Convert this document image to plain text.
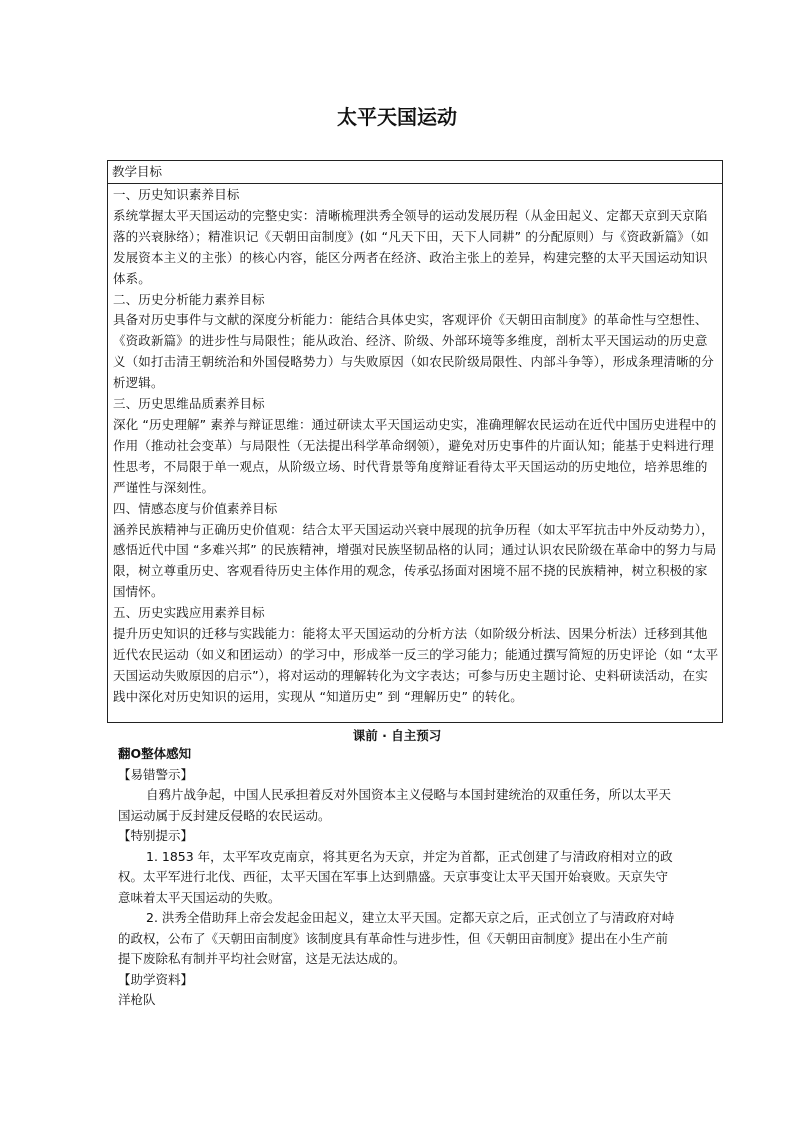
太平天国运动
教学目标

一、历史知识素养目标

系统掌握太平天国运动的完整史实：清晰梳理洪秀全领导的运动发展历程（从金田起义、定都天京到天京陷落的兴衰脉络）；精准识记《天朝田亩制度》(如 “凡天下田，天下人同耕” 的分配原则）与《资政新篇》（如发展资本主义的主张）的核心内容，能区分两者在经济、政治主张上的差异，构建完整的太平天国运动知识体系。

二、历史分析能力素养目标

具备对历史事件与文献的深度分析能力：能结合具体史实，客观评价《天朝田亩制度》的革命性与空想性、《资政新篇》的进步性与局限性；能从政治、经济、阶级、外部环境等多维度，剖析太平天国运动的历史意义（如打击清王朝统治和外国侵略势力）与失败原因（如农民阶级局限性、内部斗争等），形成条理清晰的分析逻辑。

三、历史思维品质素养目标

深化 “历史理解” 素养与辩证思维：通过研读太平天国运动史实，准确理解农民运动在近代中国历史进程中的作用（推动社会变革）与局限性（无法提出科学革命纲领），避免对历史事件的片面认知；能基于史料进行理性思考，不局限于单一观点，从阶级立场、时代背景等角度辩证看待太平天国运动的历史地位，培养思维的严谨性与深刻性。

四、情感态度与价值素养目标

涵养民族精神与正确历史价值观：结合太平天国运动兴衰中展现的抗争历程（如太平军抗击中外反动势力），感悟近代中国 “多难兴邦” 的民族精神，增强对民族坚韧品格的认同；通过认识农民阶级在革命中的努力与局限，树立尊重历史、客观看待历史主体作用的观念，传承弘扬面对困境不屈不挠的民族精神，树立积极的家国情怀。

五、历史实践应用素养目标

提升历史知识的迁移与实践能力：能将太平天国运动的分析方法（如阶级分析法、因果分析法）迁移到其他近代农民运动（如义和团运动）的学习中，形成举一反三的学习能力；能通过撰写简短的历史评论（如 “太平天国运动失败原因的启示”），将对运动的理解转化为文字表达；可参与历史主题讨论、史料研读活动，在实践中深化对历史知识的运用，实现从 “知道历史” 到 “理解历史” 的转化。

课前 · 自主预习

翻O整体感知

【易错警示】

自鸦片战争起，中国人民承担着反对外国资本主义侵略与本国封建统治的双重任务，所以太平天国运动属于反封建反侵略的农民运动。

【特别提示】

1. 1853 年，太平军攻克南京，将其更名为天京，并定为首都，正式创建了与清政府相对立的政权。太平军进行北伐、西征，太平天国在军事上达到鼎盛。天京事变让太平天国开始衰败。天京失守意味着太平天国运动的失败。

2. 洪秀全借助拜上帝会发起金田起义，建立太平天国。定都天京之后，正式创立了与清政府对峙的政权，公布了《天朝田亩制度》该制度具有革命性与进步性，但《天朝田亩制度》提出在小生产前提下废除私有制并平均社会财富，这是无法达成的。

【助学资料】

洋枪队
